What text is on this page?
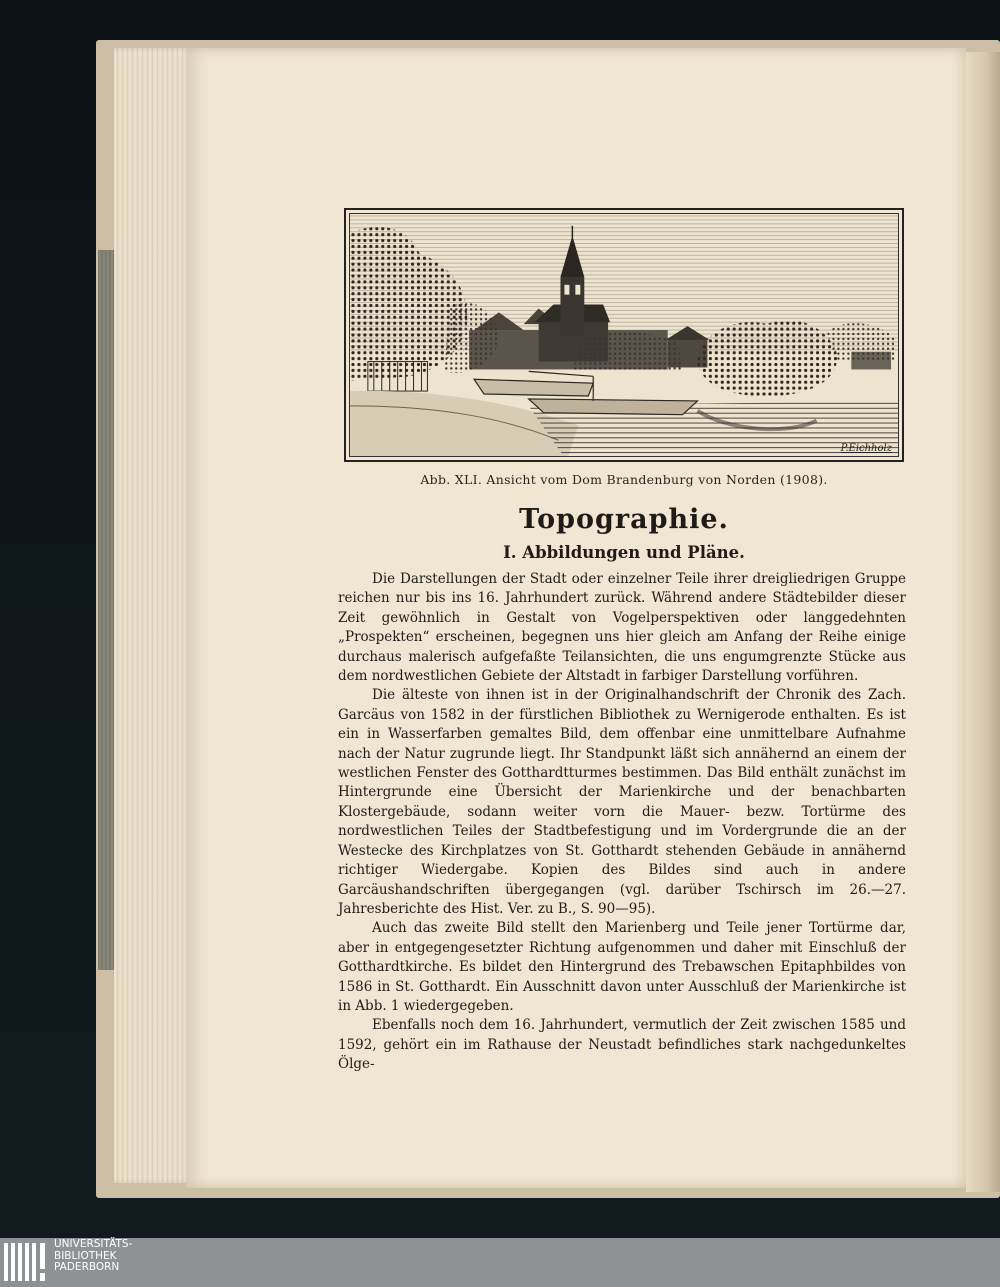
P.Eichholz
Abb. XLI. Ansicht vom Dom Brandenburg von Norden (1908).
Topographie.
I. Abbildungen und Pläne.

Die Darstellungen der Stadt oder einzelner Teile ihrer dreigliedrigen Gruppe reichen nur bis ins 16. Jahrhundert zurück. Während andere Städtebilder dieser Zeit gewöhnlich in Gestalt von Vogelperspektiven oder langgedehnten „Prospekten“ erscheinen, begegnen uns hier gleich am Anfang der Reihe einige durchaus malerisch aufgefaßte Teilansichten, die uns engumgrenzte Stücke aus dem nordwestlichen Gebiete der Altstadt in farbiger Darstellung vorführen.

Die älteste von ihnen ist in der Originalhandschrift der Chronik des Zach. Garcäus von 1582 in der fürstlichen Bibliothek zu Wernigerode enthalten. Es ist ein in Wasserfarben gemaltes Bild, dem offenbar eine unmittelbare Aufnahme nach der Natur zugrunde liegt. Ihr Standpunkt läßt sich annähernd an einem der westlichen Fenster des Gotthardtturmes bestimmen. Das Bild enthält zunächst im Hintergrunde eine Übersicht der Marienkirche und der benachbarten Klostergebäude, sodann weiter vorn die Mauer- bezw. Tortürme des nordwestlichen Teiles der Stadtbefestigung und im Vordergrunde die an der Westecke des Kirchplatzes von St. Gotthardt stehenden Gebäude in annähernd richtiger Wiedergabe. Kopien des Bildes sind auch in andere Garcäushandschriften übergegangen (vgl. darüber Tschirsch im 26.—27. Jahresberichte des Hist. Ver. zu B., S. 90—95).

Auch das zweite Bild stellt den Marienberg und Teile jener Tortürme dar, aber in entgegengesetzter Richtung aufgenommen und daher mit Einschluß der Gotthardtkirche. Es bildet den Hintergrund des Trebawschen Epitaphbildes von 1586 in St. Gotthardt. Ein Ausschnitt davon unter Ausschluß der Marienkirche ist in Abb. 1 wiedergegeben.

Ebenfalls noch dem 16. Jahrhundert, vermutlich der Zeit zwischen 1585 und 1592, gehört ein im Rathause der Neustadt befindliches stark nachgedunkeltes Ölge-

UNIVERSITÄTS-
BIBLIOTHEK
PADERBORN
